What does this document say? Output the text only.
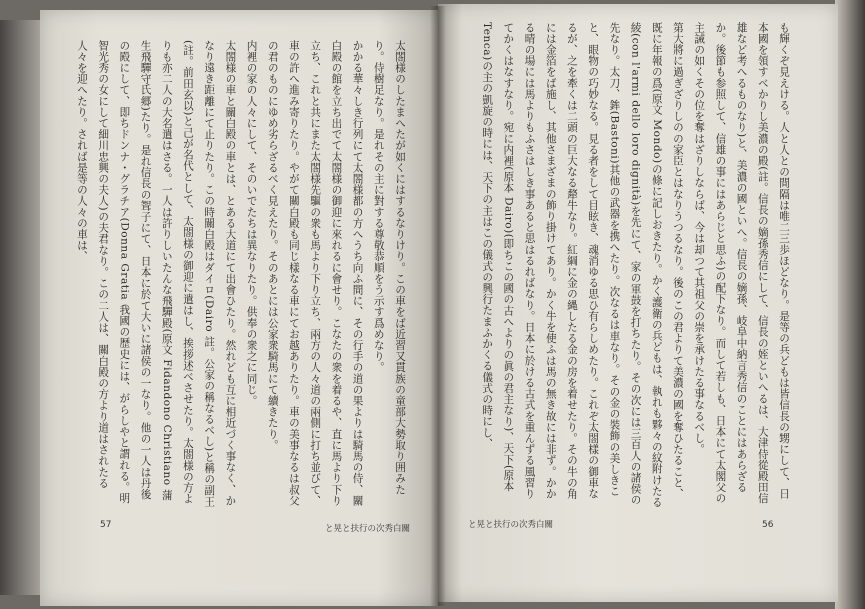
も輝くぞ見えける。人と人との間隔は唯二三歩ほどなり。是等の兵どもは皆信長の甥にして、日本國を領すべかりし美濃の殿(註。信長の嫡孫秀信にして、信長の姪といへるは、大津侍從殿田信雄など考へるものなり)と、美濃の國といへ。信長の嫡孫、岐阜中納言秀信のことにはあらざるか。後節も参照して、信雄の事にはあらじと思ふ)の配下なり。而して若しも、日本にて太閣父の主誡の如くその位を奪はざりしならば、今は却つて其祖父の崇を承けたる事なるべし。

第大將に過ぎざりしのの家臣とはなりうつるなり。後のこの君よりて美濃の國を奪ひたること、既に年報の爲(原文 Mondo)の條に記しおきたり。かく護衛の兵どもは、執れも夥々の紋附けたる綾(con l'armi dello loro dignità)を先にて、家の軍鼓を打ちたり。その次には三百人の諸侯の先なり。太刀、鉾(Bastoni)其他の武器を携へたり。次なるは車なり。その金の裝飾の美しきこと、眼物の巧妙なる。見る者をして目眩き、魂消ゆる思ひ有らしめたり。これぞ太閤樣の御車なるが、之を牽くは二頭の巨大なる犛牛なり。紅綱に金の縄したる金の房を着せたり。その牛の角には金箔をば施し、其他さまざまの飾り掛けてあり。かく牛を使ふは馬の無き故には非ず。かかる晴の場には馬よりもふさはしき事あると思はるればなり。日本に於ける古式を重んずる風習りてかくはなすなり。宛に内裡(原本 Dairo)(即ちこの國の古へよりの眞の君主なり)、天下(原本 Tenca)の主の凱旋の時には、天下の主はこの儀式の興行たまふかくる儀式の時にし、

太閤様のしたまへたが如くにはするなりけり。この車をば近習又貫族の童部大勢取り囲みたり。侍樹足なり。是れその主に對する尊敬恭順をう示す爲めなり。

かかる華々しき行列にて太閤様都の方へうち向ふ間に、その行手の道の果よりは騎馬の侍、關白殿の館を立ち出でて太閤様の御迎に來れるに會せり。こなたの衆を着るや、直に馬より下り立ち、これと共にまた太閤様先驅の衆も馬より下り立ち、兩方の人々道の兩側に打ち並びて、車の許へ進み寄りたり。やがて關白殿も同じ樣なる車にてお越ありたり。車の美事なるは叔父の君のものにゆめ劣らざるべく見えたり。そのあとには公家衆騎馬にて續きたり。

内裡の家の人々にして、そのいでたちは異なりたり。供奉の衆之に同じ。

太閤様の車と關白殿の車とは、とある大道にて出會ひたり。然れども互に相近づく事なく、かなり遠き距離にて止りたり。この時關白殿はダイロ(Dairo 註。公家の稱なるべし)と稱の副王(註。前田玄以)と己が名代として、太閤様の御迎に遣はし、挨拶述べさせたり。太閤様の方よりも亦二人の大名遣はさる。一人は許りしいたんな飛驒殿(原文 Fidandono Christiano 蒲生飛驒守氏郷)たり。是れ信長の聟子にて、日本に於て大いに諸侯の一なり。他の一人は丹後の殿にして、即ちドンナ・グラチア(Donna Gratia 我國の歴史には、がらしやと謂れる。明智光秀の女にして細川忠興の夫人)の夫君なり。この二人は、關白殿の方より道はされたる人々を迎へたり。されば是等の人々の車は、

57	と晃と扶行の次秀白關	と晃と扶行の次秀白關	56
